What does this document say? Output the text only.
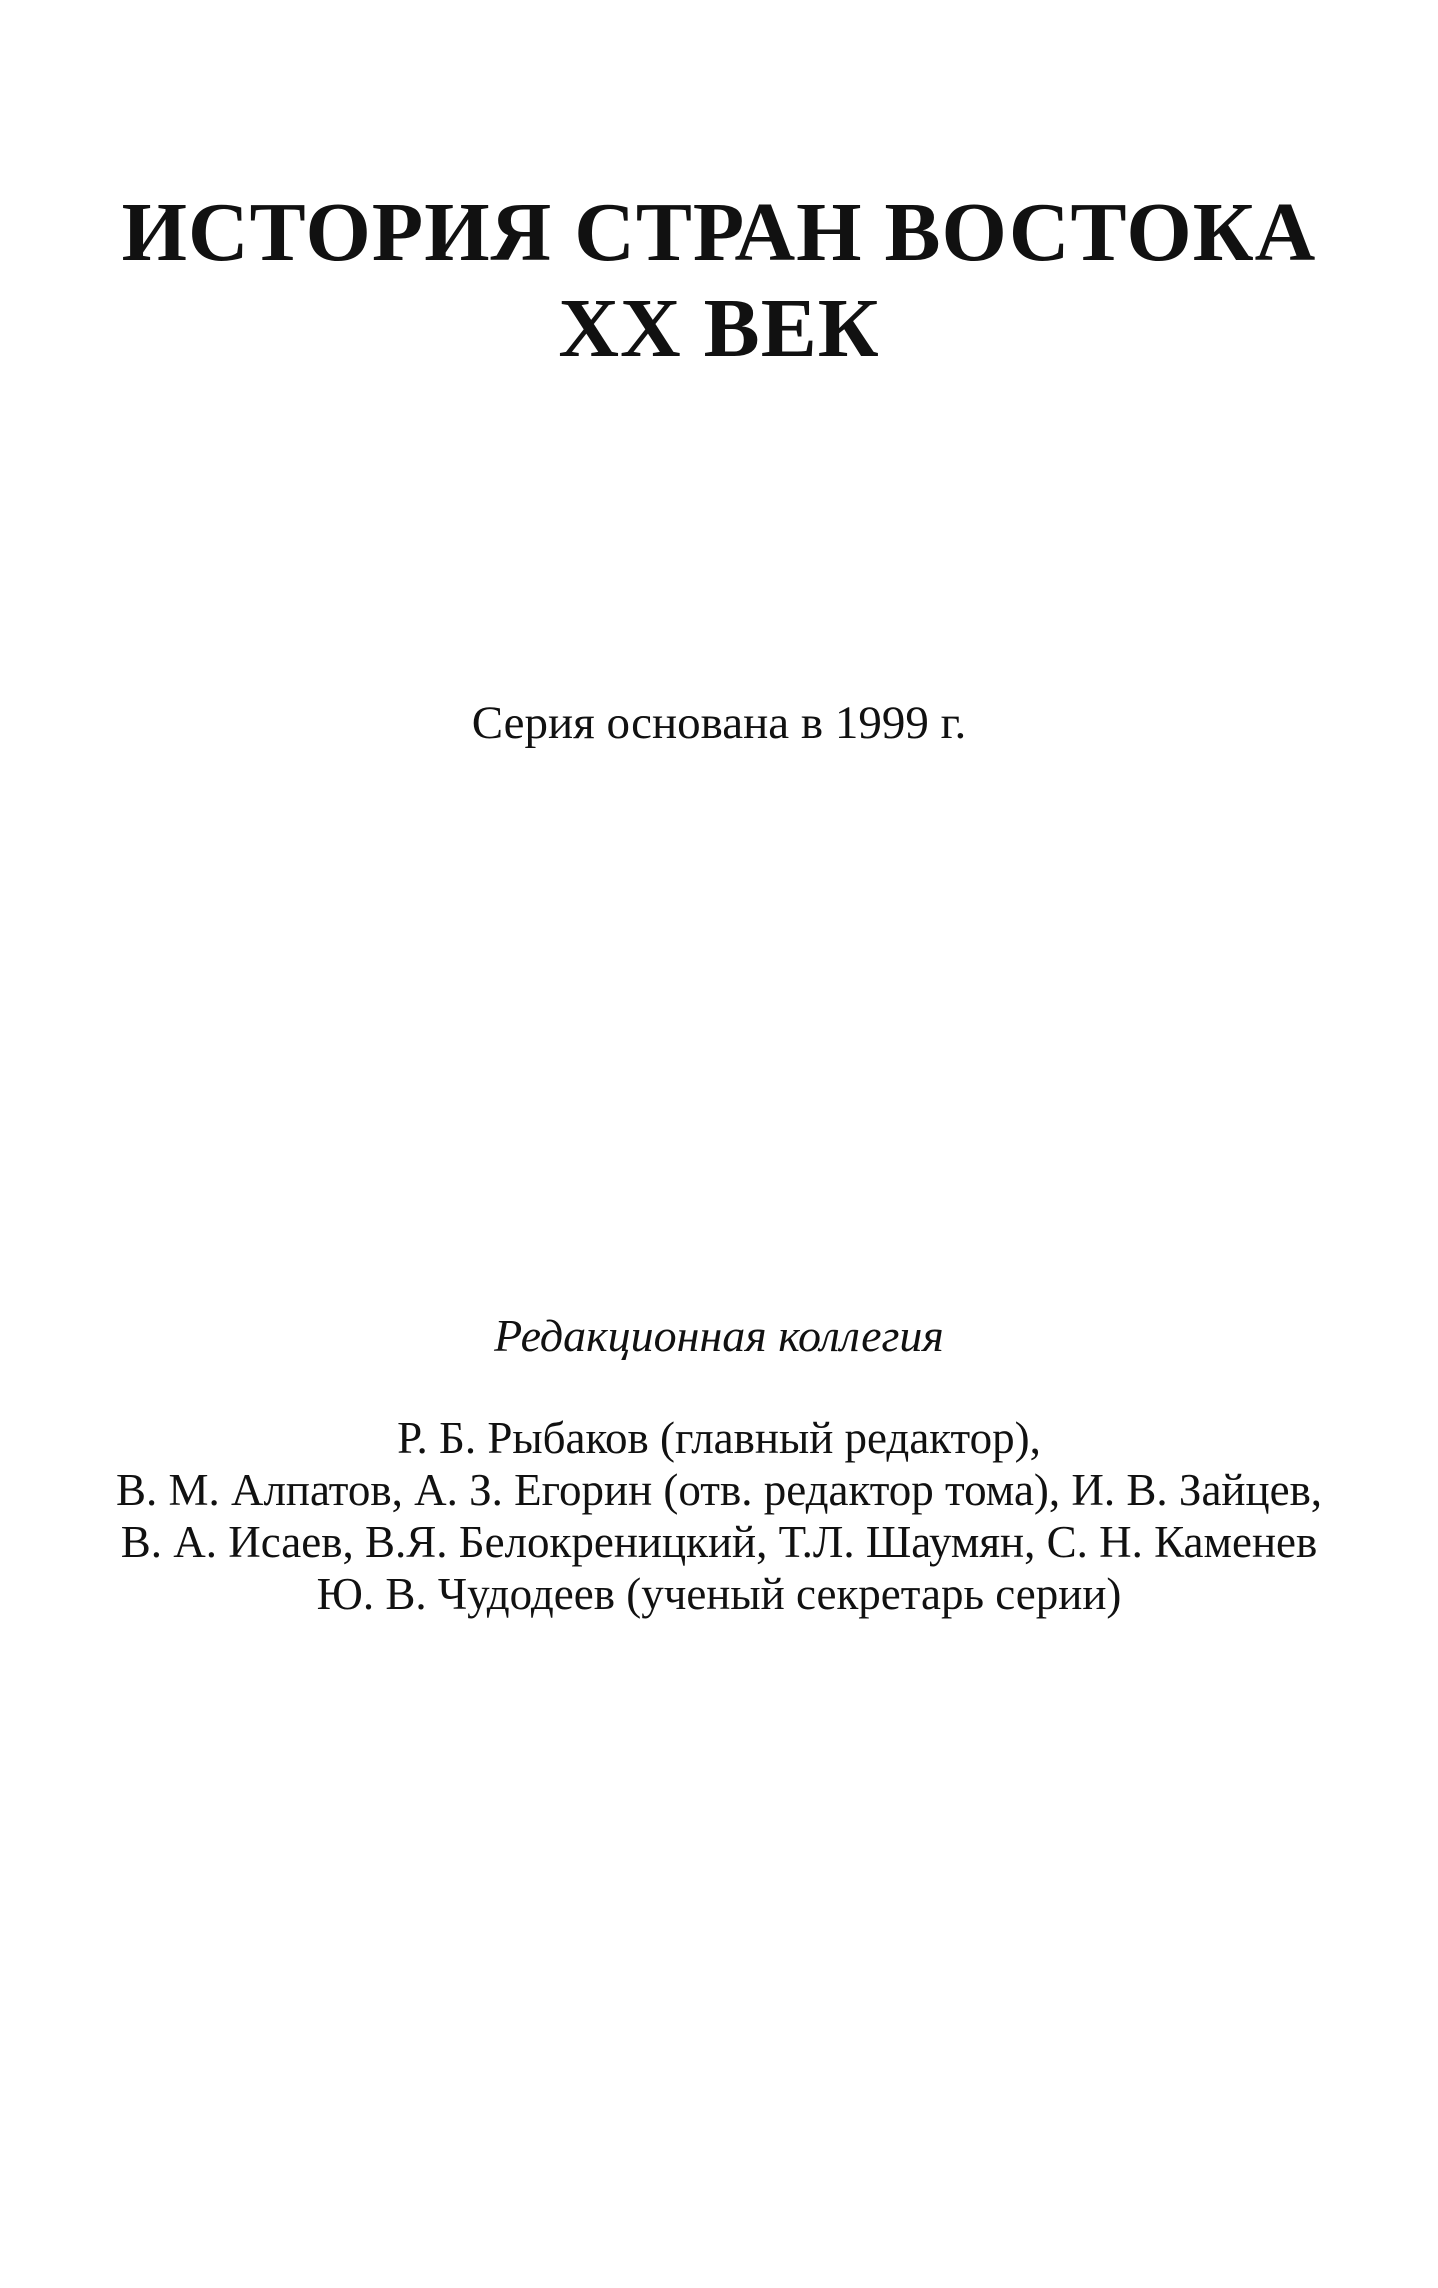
ИСТОРИЯ СТРАН ВОСТОКА
XX ВЕК
Серия основана в 1999 г.
Редакционная коллегия
Р. Б. Рыбаков (главный редактор),
В. М. Алпатов, А. З. Егорин (отв. редактор тома), И. В. Зайцев,
В. А. Исаев, В.Я. Белокреницкий, Т.Л. Шаумян, С. Н. Каменев
Ю. В. Чудодеев (ученый секретарь серии)
